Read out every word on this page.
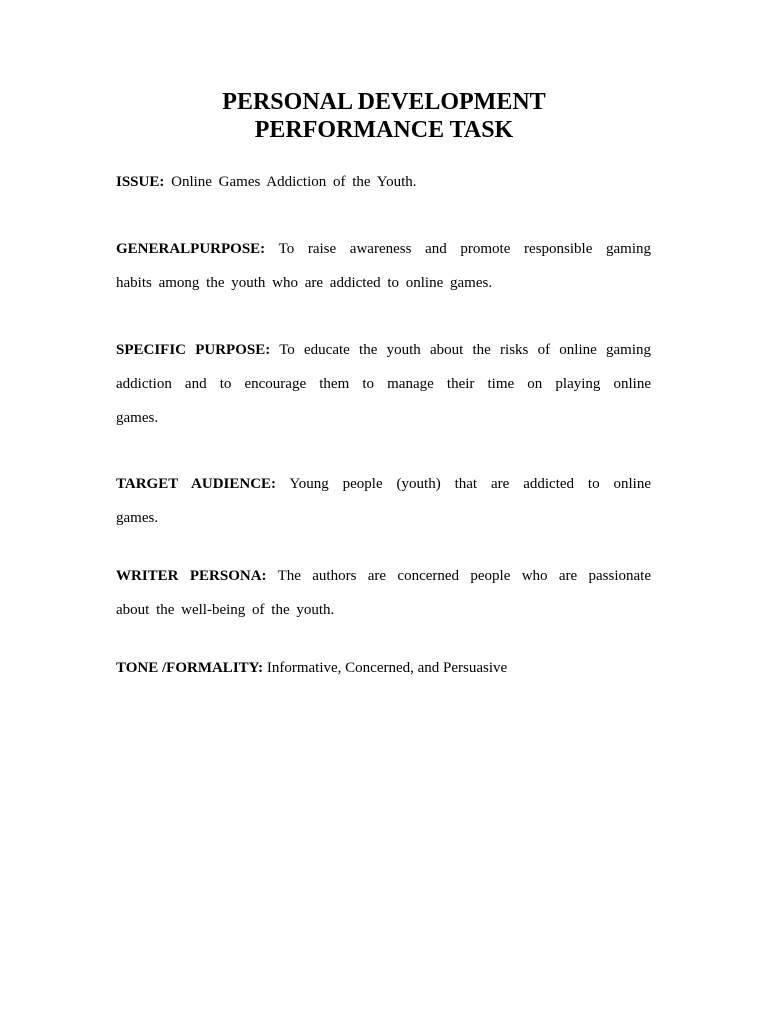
PERSONAL DEVELOPMENT
PERFORMANCE TASK
ISSUE: Online Games Addiction of the Youth.
GENERALPURPOSE: To raise awareness and promote responsible gaming
habits among the youth who are addicted to online games.
SPECIFIC PURPOSE: To educate the youth about the risks of online gaming
addiction and to encourage them to manage their time on playing online
games.
TARGET AUDIENCE: Young people (youth) that are addicted to online
games.
WRITER PERSONA: The authors are concerned people who are passionate
about the well-being of the youth.
TONE /FORMALITY: Informative, Concerned, and Persuasive
